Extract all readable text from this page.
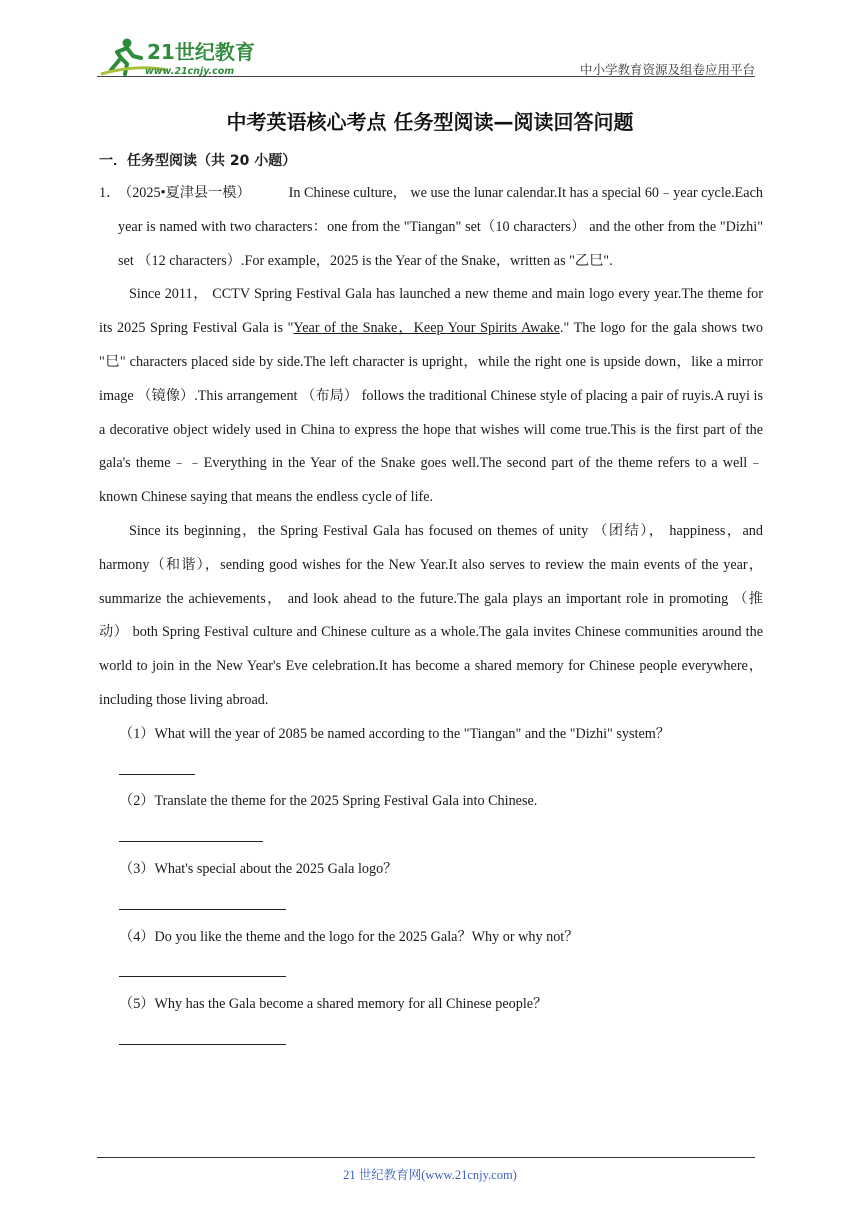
21世纪教育
www.21cnjy.com	中小学教育资源及组卷应用平台
中考英语核心考点 任务型阅读—阅读回答问题
一．任务型阅读（共 20 小题）
1．
（2025•夏津县一模）	In Chinese culture， we use the lunar calendar.It has a special 60﹣year cycle.Each year is named with two characters：one from the "Tiangan" set（10 characters） and the other from the "Dizhi" set （12 characters）.For example，2025 is the Year of the Snake，written as "乙巳".

Since 2011， CCTV Spring Festival Gala has launched a new theme and main logo every year.The theme for its 2025 Spring Festival Gala is "Year of the Snake，Keep Your Spirits Awake." The logo for the gala shows two "巳" characters placed side by side.The left character is upright，while the right one is upside down，like a mirror image （镜像）.This arrangement （布局） follows the traditional Chinese style of placing a pair of ruyis.A ruyi is a decorative object widely used in China to express the hope that wishes will come true.This is the first part of the gala's theme﹣﹣Everything in the Year of the Snake goes well.The second part of the theme refers to a well﹣known Chinese saying that means the endless cycle of life.

Since its beginning，the Spring Festival Gala has focused on themes of unity （团结）， happiness，and harmony（和谐），sending good wishes for the New Year.It also serves to review the main events of the year， summarize the achievements， and look ahead to the future.The gala plays an important role in promoting （推动） both Spring Festival culture and Chinese culture as a whole.The gala invites Chinese communities around the world to join in the New Year's Eve celebration.It has become a shared memory for Chinese people everywhere，including those living abroad.

（1）What will the year of 2085 be named according to the "Tiangan" and the "Dizhi" system？

（2）Translate the theme for the 2025 Spring Festival Gala into Chinese.

（3）What's special about the 2025 Gala logo？

（4）Do you like the theme and the logo for the 2025 Gala？Why or why not？

（5）Why has the Gala become a shared memory for all Chinese people？

21 世纪教育网(www.21cnjy.com)
